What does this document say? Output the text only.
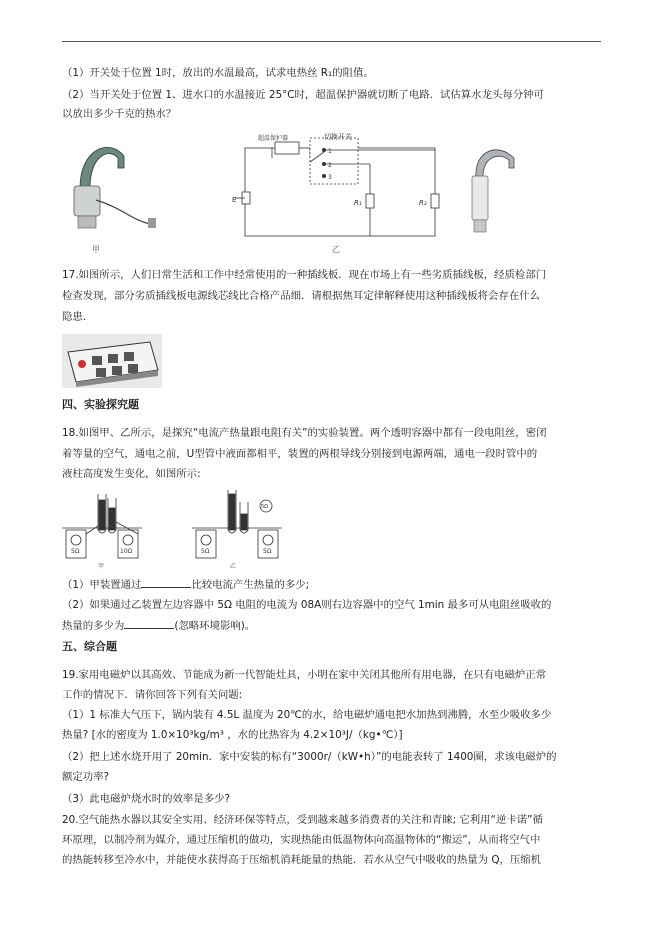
（1）开关处于位置 1时，放出的水温最高，试求电热丝 R₁的阻值。
（2）当开关处于位置 1、进水口的水温接近 25°C时，超温保护器就切断了电路．试估算水龙头每分钟可
以放出多少千克的热水？
甲
切换开关
超温保护器
E
1
2
3
R₁	R₂
乙
17.如图所示，人们日常生活和工作中经常使用的一种插线板．现在市场上有一些劣质插线板，经质检部门
检查发现，部分劣质插线板电源线芯线比合格产品细．请根据焦耳定律解释使用这种插线板将会存在什么
隐患.
四、实验探究题
18.如图甲、乙所示，是探究“电流产热量跟电阻有关”的实验装置。两个透明容器中都有一段电阻丝，密闭
着等量的空气，通电之前，U型管中液面都相平，装置的两根导线分别接到电源两端，通电一段时管中的
液柱高度发生变化，如图所示:
5Ω	10Ω
甲
5Ω	5Ω
5Ω
乙
（1）甲装置通过	比较电流产生热量的多少;
（2）如果通过乙装置左边容器中 5Ω 电阻的电流为 08A则右边容器中的空气 1min 最多可从电阻丝吸收的
热量的多少为	(忽略环境影响)。
五、综合题
19.家用电磁炉以其高效、节能成为新一代智能灶具，小明在家中关闭其他所有用电器，在只有电磁炉正常
工作的情况下．请你回答下列有关问题:
（1）1 标准大气压下，锅内装有 4.5L 温度为 20℃的水，给电磁炉通电把水加热到沸腾，水至少吸收多少
热量? [水的密度为 1.0×10³kg/m³ ，水的比热容为 4.2×10³J/（kg•℃）]
（2）把上述水烧开用了 20min．家中安装的标有“3000r/（kW•h）”的电能表转了 1400圈，求该电磁炉的
额定功率?
（3）此电磁炉烧水时的效率是多少?
20.空气能热水器以其安全实用、经济环保等特点，受到越来越多消费者的关注和青睐; 它利用“逆卡诺”循
环原理，以制冷剂为媒介，通过压缩机的做功，实现热能由低温物体向高温物体的“搬运”，从而将空气中
的热能转移至冷水中，并能使水获得高于压缩机消耗能量的热能．若水从空气中吸收的热量为 Q，压缩机
